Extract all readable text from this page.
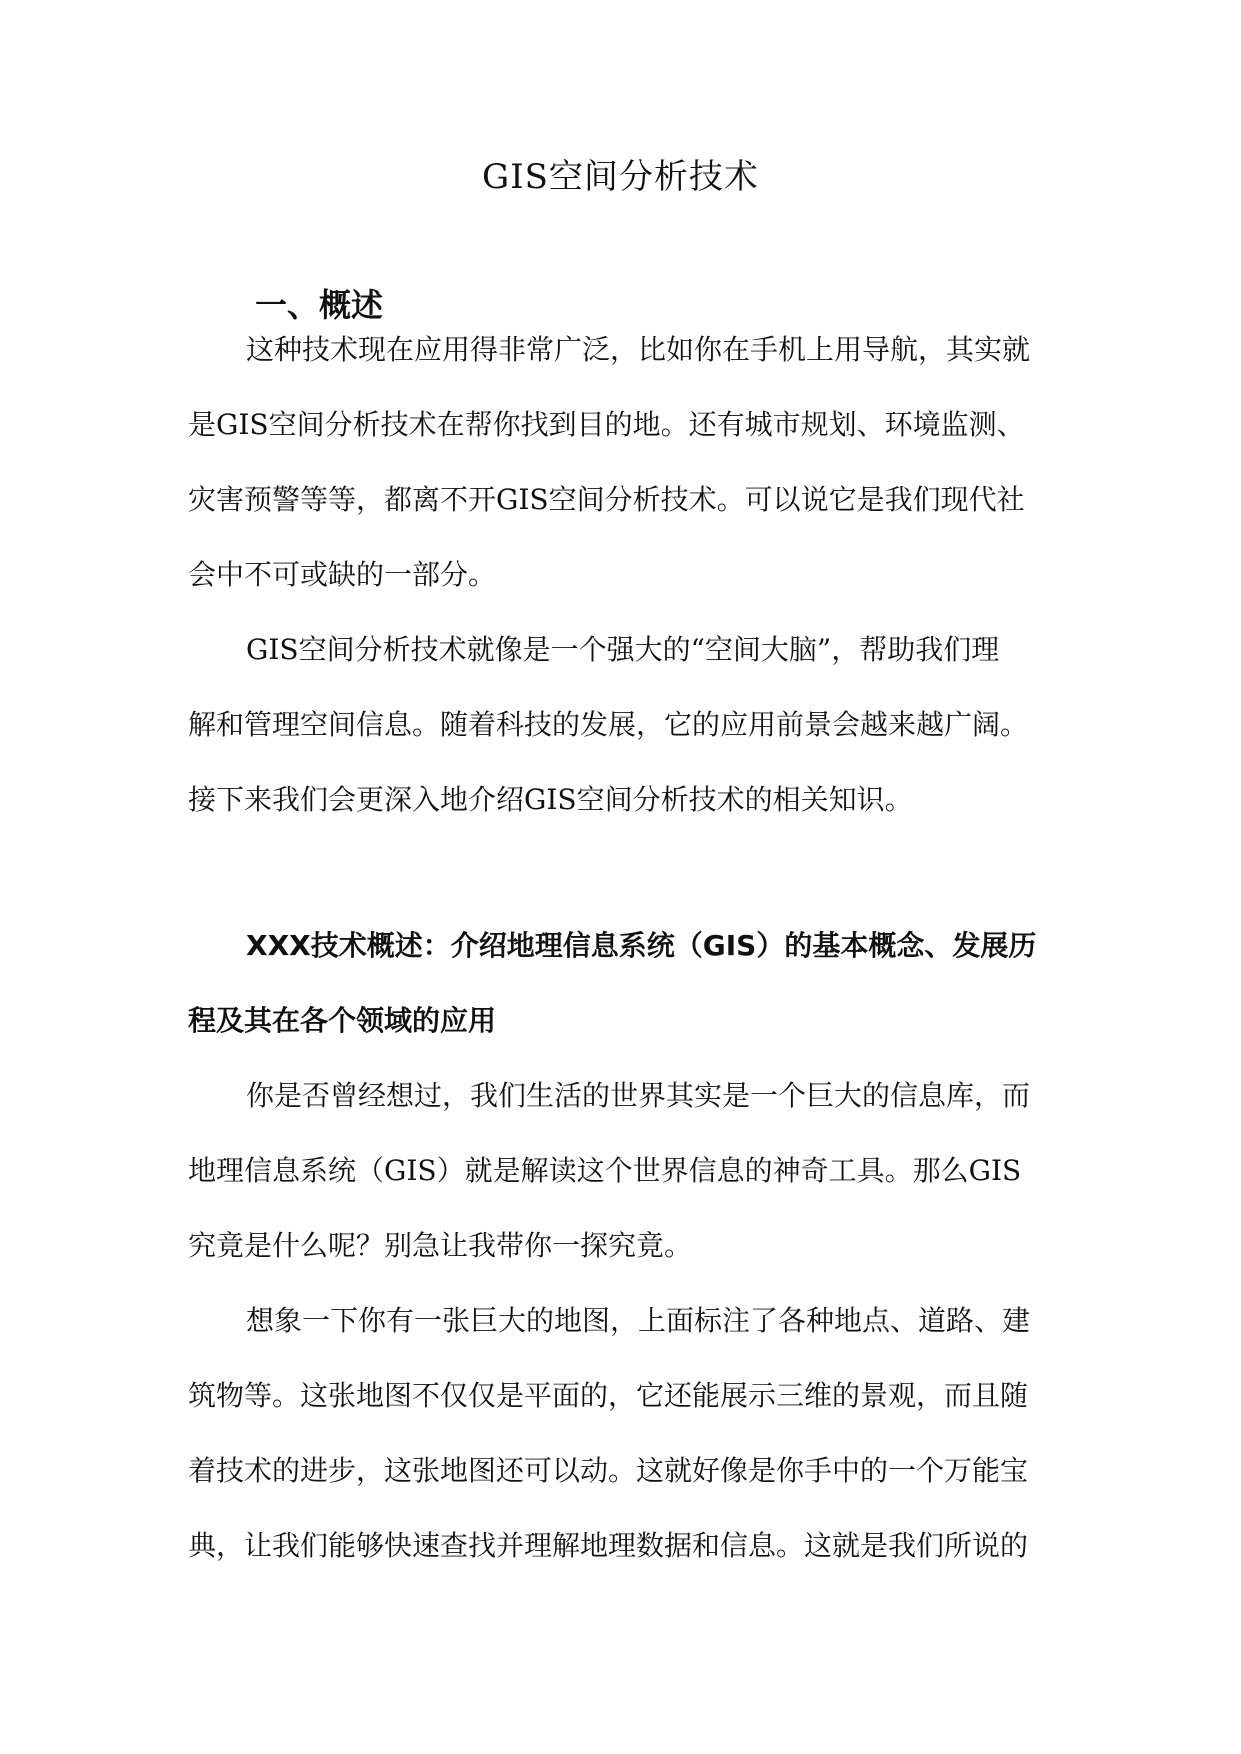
GIS空间分析技术
一、概述
这种技术现在应用得非常广泛，比如你在手机上用导航，其实就
是GIS空间分析技术在帮你找到目的地。还有城市规划、环境监测、
灾害预警等等，都离不开GIS空间分析技术。可以说它是我们现代社
会中不可或缺的一部分。
GIS空间分析技术就像是一个强大的“空间大脑”，帮助我们理
解和管理空间信息。随着科技的发展，它的应用前景会越来越广阔。
接下来我们会更深入地介绍GIS空间分析技术的相关知识。
XXX技术概述：介绍地理信息系统（GIS）的基本概念、发展历
程及其在各个领域的应用
你是否曾经想过，我们生活的世界其实是一个巨大的信息库，而
地理信息系统（GIS）就是解读这个世界信息的神奇工具。那么GIS
究竟是什么呢？别急让我带你一探究竟。
想象一下你有一张巨大的地图，上面标注了各种地点、道路、建
筑物等。这张地图不仅仅是平面的，它还能展示三维的景观，而且随
着技术的进步，这张地图还可以动。这就好像是你手中的一个万能宝
典，让我们能够快速查找并理解地理数据和信息。这就是我们所说的
